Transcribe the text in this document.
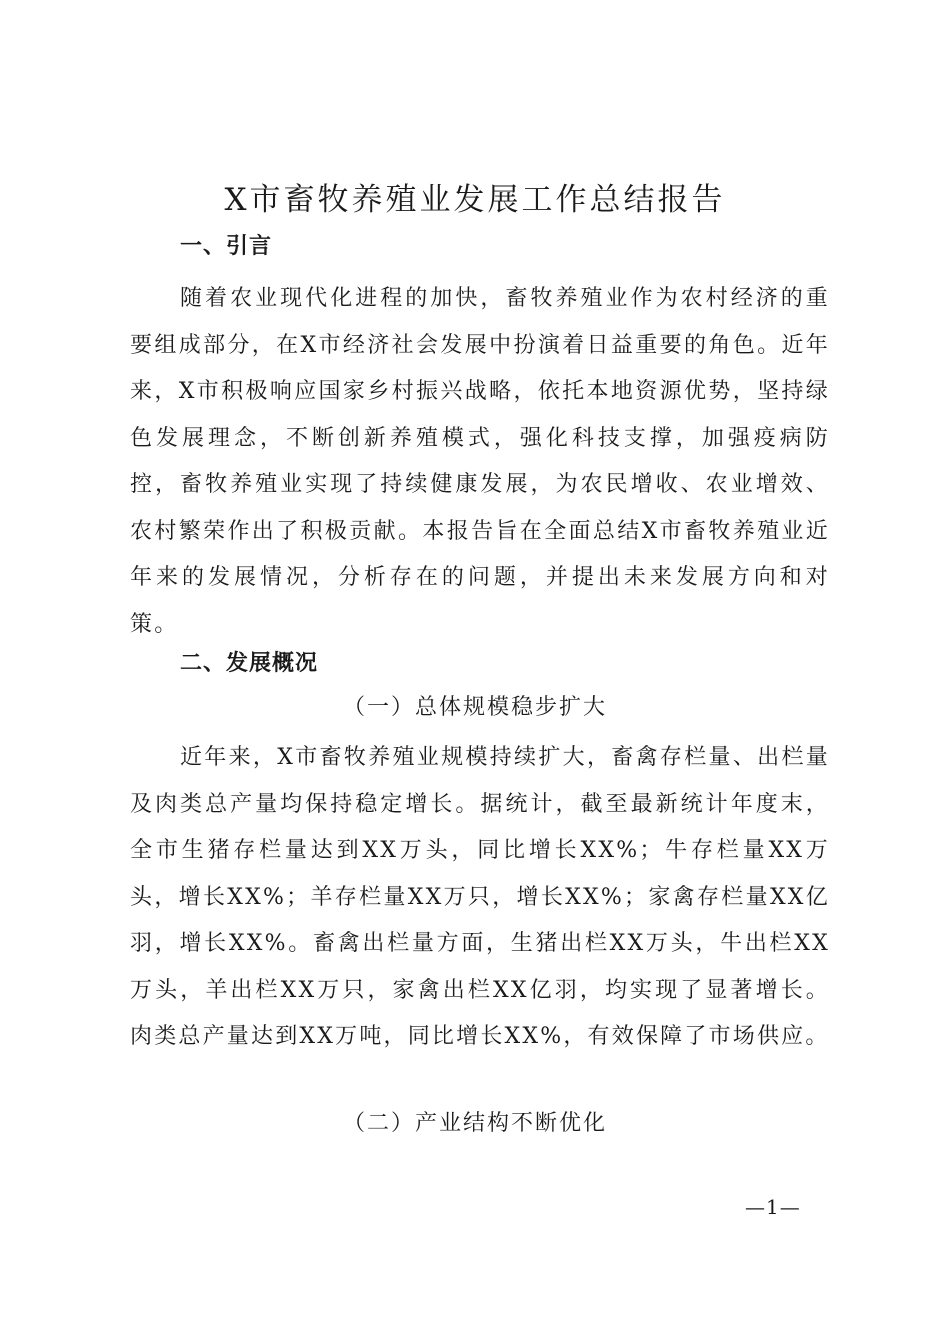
X市畜牧养殖业发展工作总结报告
一、引言

随着农业现代化进程的加快，畜牧养殖业作为农村经济的重要组成部分，在X市经济社会发展中扮演着日益重要的角色。近年来，X市积极响应国家乡村振兴战略，依托本地资源优势，坚持绿色发展理念，不断创新养殖模式，强化科技支撑，加强疫病防控，畜牧养殖业实现了持续健康发展，为农民增收、农业增效、农村繁荣作出了积极贡献。本报告旨在全面总结X市畜牧养殖业近年来的发展情况，分析存在的问题，并提出未来发展方向和对策。

二、发展概况
（一）总体规模稳步扩大

近年来，X市畜牧养殖业规模持续扩大，畜禽存栏量、出栏量及肉类总产量均保持稳定增长。据统计，截至最新统计年度末，全市生猪存栏量达到XX万头，同比增长XX%；牛存栏量XX万头，增长XX%；羊存栏量XX万只，增长XX%；家禽存栏量XX亿羽，增长XX%。畜禽出栏量方面，生猪出栏XX万头，牛出栏XX万头，羊出栏XX万只，家禽出栏XX亿羽，均实现了显著增长。肉类总产量达到XX万吨，同比增长XX%，有效保障了市场供应。

（二）产业结构不断优化
—1—
